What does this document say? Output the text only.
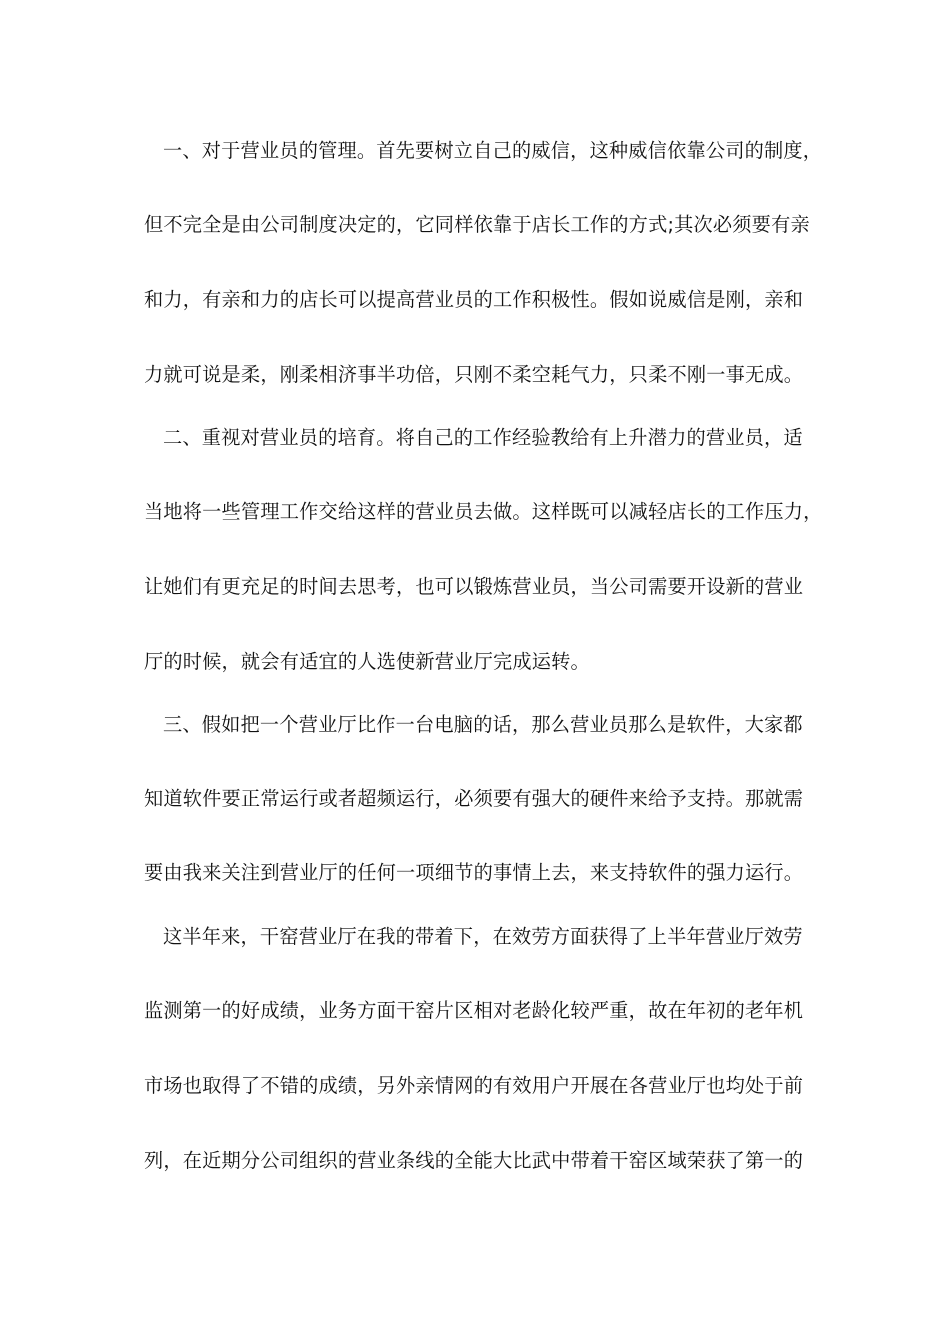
一、对于营业员的管理。首先要树立自己的威信，这种威信依靠公司的制度，
但不完全是由公司制度决定的，它同样依靠于店长工作的方式;其次必须要有亲
和力，有亲和力的店长可以提高营业员的工作积极性。假如说威信是刚，亲和
力就可说是柔，刚柔相济事半功倍，只刚不柔空耗气力，只柔不刚一事无成。
二、重视对营业员的培育。将自己的工作经验教给有上升潜力的营业员，适
当地将一些管理工作交给这样的营业员去做。这样既可以减轻店长的工作压力，
让她们有更充足的时间去思考，也可以锻炼营业员，当公司需要开设新的营业
厅的时候，就会有适宜的人选使新营业厅完成运转。
三、假如把一个营业厅比作一台电脑的话，那么营业员那么是软件，大家都
知道软件要正常运行或者超频运行，必须要有强大的硬件来给予支持。那就需
要由我来关注到营业厅的任何一项细节的事情上去，来支持软件的强力运行。
这半年来，干窑营业厅在我的带着下，在效劳方面获得了上半年营业厅效劳
监测第一的好成绩，业务方面干窑片区相对老龄化较严重，故在年初的老年机
市场也取得了不错的成绩，另外亲情网的有效用户开展在各营业厅也均处于前
列，在近期分公司组织的营业条线的全能大比武中带着干窑区域荣获了第一的
